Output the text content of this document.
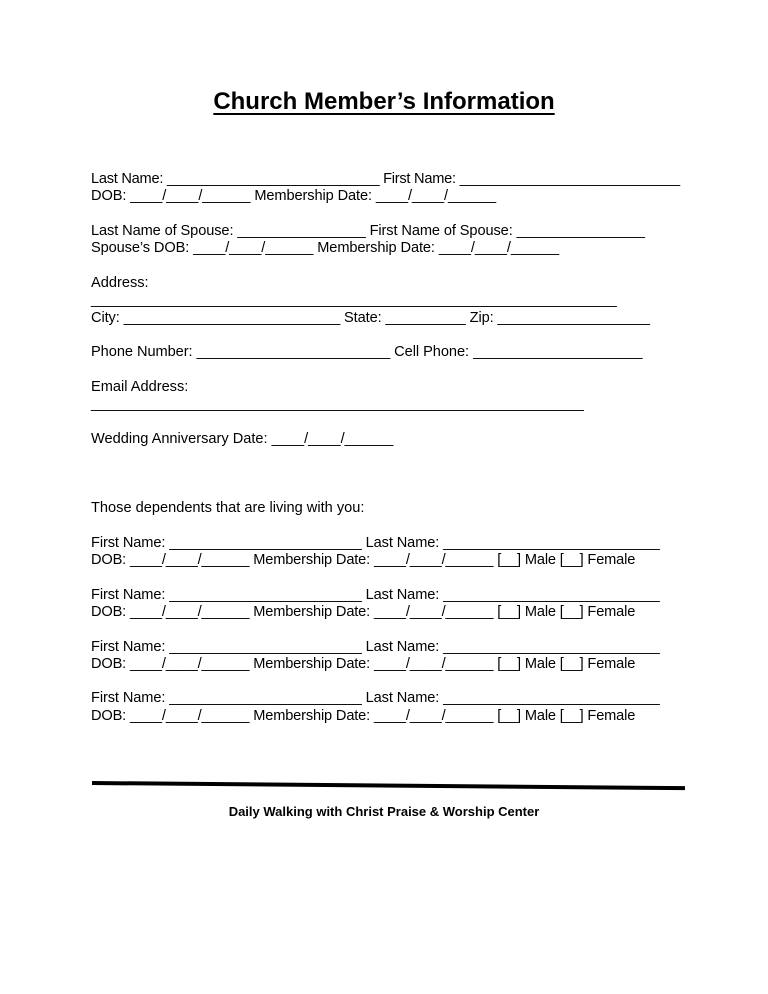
Church Member’s Information

Last Name: ___________________________ First Name: ____________________________

DOB: ____/____/______ Membership Date: ____/____/______

Last Name of Spouse: ________________ First Name of Spouse: ________________

Spouse’s DOB: ____/____/______ Membership Date: ____/____/______

Address:

________________________________________________________________

City: ___________________________ State: __________ Zip: ___________________

Phone Number: ________________________ Cell Phone: _____________________

Email Address:

____________________________________________________________

Wedding Anniversary Date: ____/____/______

Those dependents that are living with you:

First Name: ________________________ Last Name: ___________________________

DOB: ____/____/______ Membership Date: ____/____/______ [__] Male [__] Female

First Name: ________________________ Last Name: ___________________________

DOB: ____/____/______ Membership Date: ____/____/______ [__] Male [__] Female

First Name: ________________________ Last Name: ___________________________

DOB: ____/____/______ Membership Date: ____/____/______ [__] Male [__] Female

First Name: ________________________ Last Name: ___________________________

DOB: ____/____/______ Membership Date: ____/____/______ [__] Male [__] Female

Daily Walking with Christ Praise & Worship Center
